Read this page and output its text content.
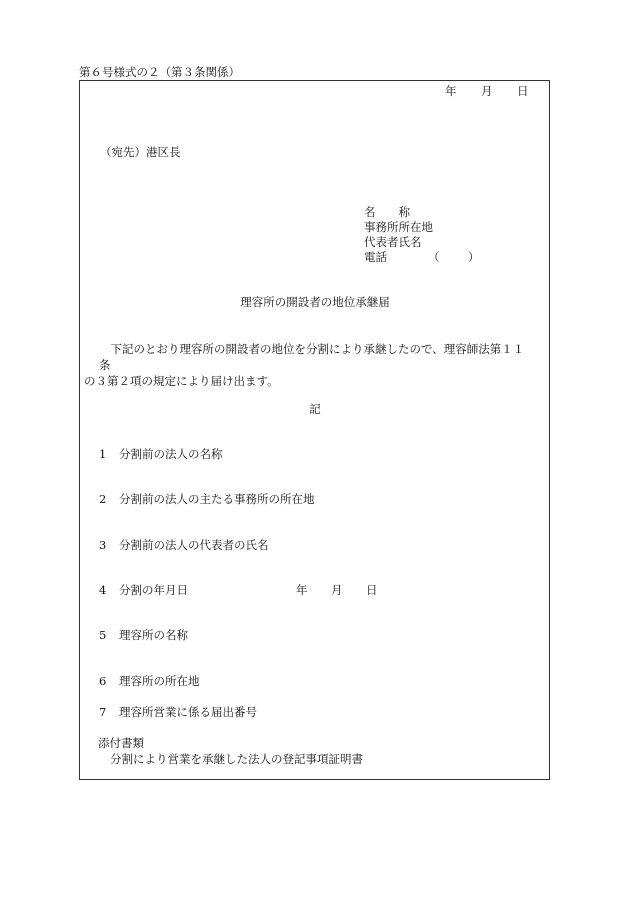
第６号様式の２（第３条関係）
年 月 日
（宛先）港区長
名　　称
事務所所在地
代表者氏名
電話	（ ）
理容所の開設者の地位承継届

　下記のとおり理容所の開設者の地位を分割により承継したので、理容師法第１１条

の３第２項の規定により届け出ます。

記
1 分割前の法人の名称
2 分割前の法人の主たる事務所の所在地
3 分割前の法人の代表者の氏名
4 分割の年月日	年 月 日
5 理容所の名称
6 理容所の所在地
7 理容所営業に係る届出番号
添付書類
分割により営業を承継した法人の登記事項証明書
